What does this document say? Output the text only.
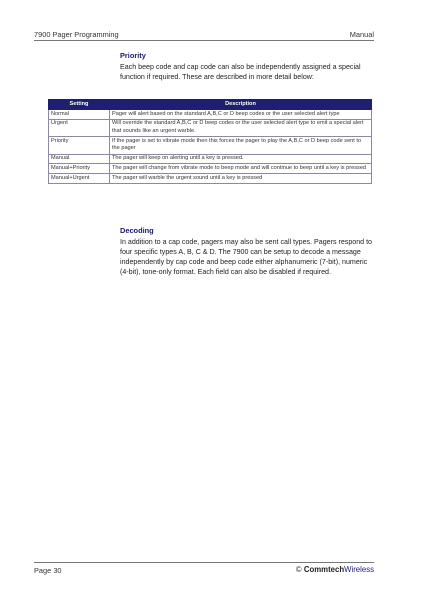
7900 Pager Programming	Manual
Priority
Each beep code and cap code can also be independently assigned a special function if required. These are described in more detail below:
Setting	Description
Normal	Pager will alert based on the standard A,B,C or D beep codes or the user selected alert type
Urgent	Will override the standard A,B,C or D beep codes or the user selected alert type to emit a special alert that sounds like an urgent warble.
Priority	If the pager is set to vibrate mode then this forces the pager to play the A,B,C or D beep code sent to the pager
Manual	The pager will keep on alerting until a key is pressed.
Manual+Priority	The pager will change from vibrate mode to beep mode and will continue to beep until a key is pressed
Manual+Urgent	The pager will warble the urgent sound until a key is pressed
Decoding
In addition to a cap code, pagers may also be sent call types. Pagers respond to four specific types A, B, C & D. The 7900 can be setup to decode a message independently by cap code and beep code either alphanumeric (7-bit), numeric (4-bit), tone-only format. Each field can also be disabled if required.
Page 30	© CommtechWireless
